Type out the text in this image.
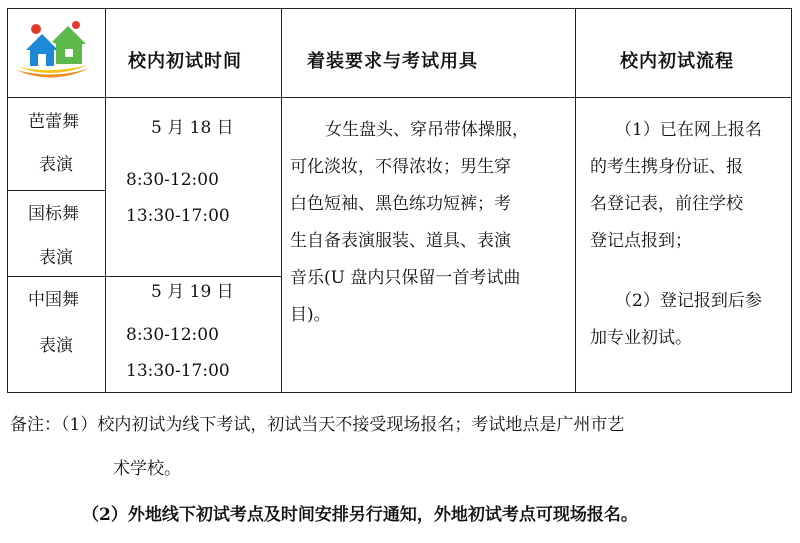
校内初试时间	着装要求与考试用具	校内初试流程
芭蕾舞
表演
国标舞
表演
中国舞
表演
5 月 18 日
8:30-12:00
13:30-17:00
5 月 19 日
8:30-12:00
13:30-17:00
女生盘头、穿吊带体操服，
可化淡妆，不得浓妆；男生穿
白色短袖、黑色练功短裤；考
生自备表演服装、道具、表演
音乐(U 盘内只保留一首考试曲
目)。
（1）已在网上报名
的考生携身份证、报
名登记表，前往学校
登记点报到；
（2）登记报到后参
加专业初试。
备注：（1）校内初试为线下考试，初试当天不接受现场报名；考试地点是广州市艺
术学校。
（2）外地线下初试考点及时间安排另行通知，外地初试考点可现场报名。
